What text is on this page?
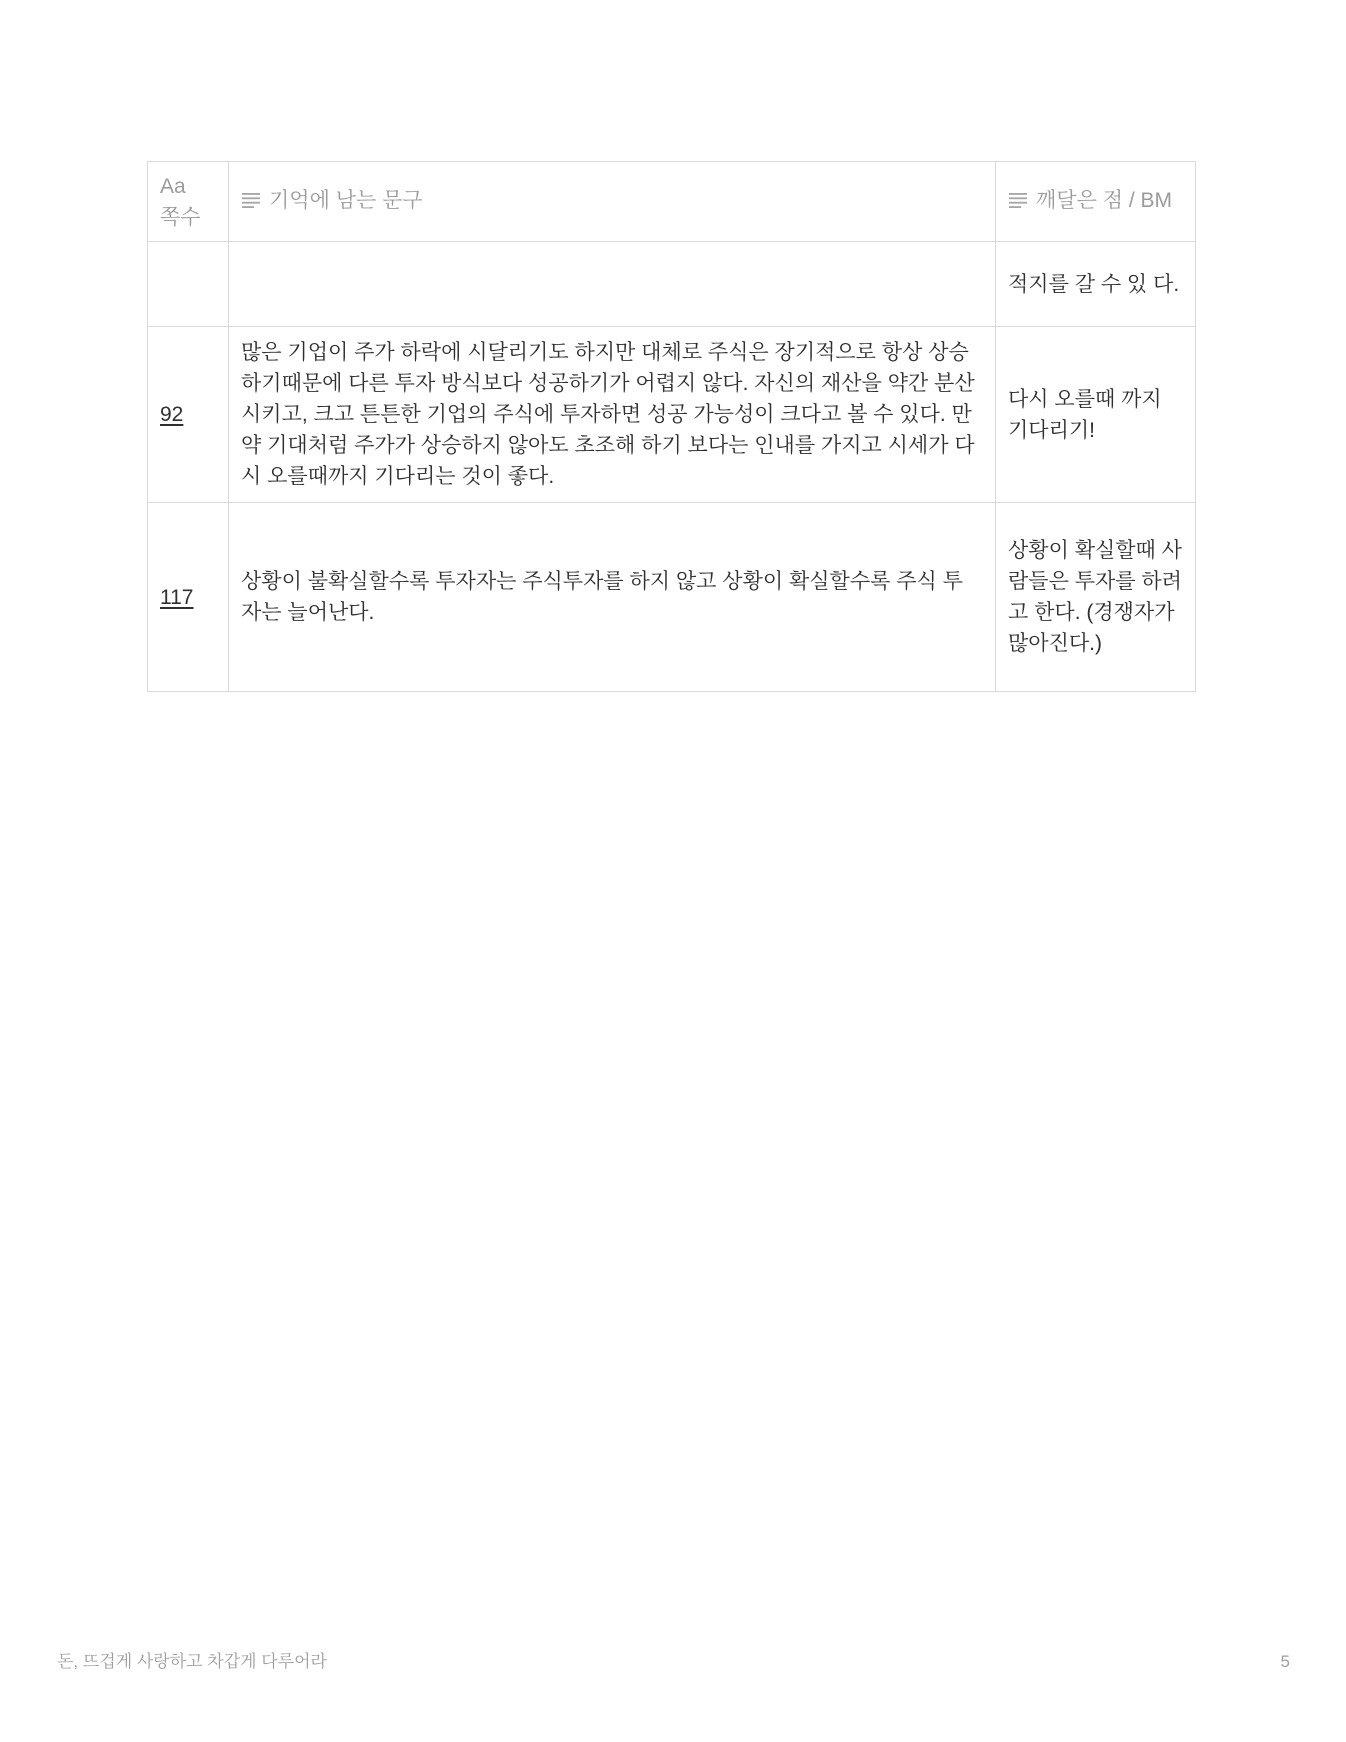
Aa
쪽수	기억에 남는 문구	깨달은 점 / BM
		적지를 갈 수 있 다.
92	많은 기업이 주가 하락에 시달리기도 하지만 대체로 주식은 장기적으로 항상 상승하기때문에 다른 투자 방식보다 성공하기가 어렵지 않다. 자신의 재산을 약간 분산시키고, 크고 튼튼한 기업의 주식에 투자하면 성공 가능성이 크다고 볼 수 있다. 만약 기대처럼 주가가 상승하지 않아도 초조해 하기 보다는 인내를 가지고 시세가 다시 오를때까지 기다리는 것이 좋다.	다시 오를때 까지 기다리기!
117	상황이 불확실할수록 투자자는 주식투자를 하지 않고 상황이 확실할수록 주식 투자는 늘어난다.	상황이 확실할때 사람들은 투자를 하려고 한다. (경쟁자가 많아진다.)
돈, 뜨겁게 사랑하고 차갑게 다루어라	5
